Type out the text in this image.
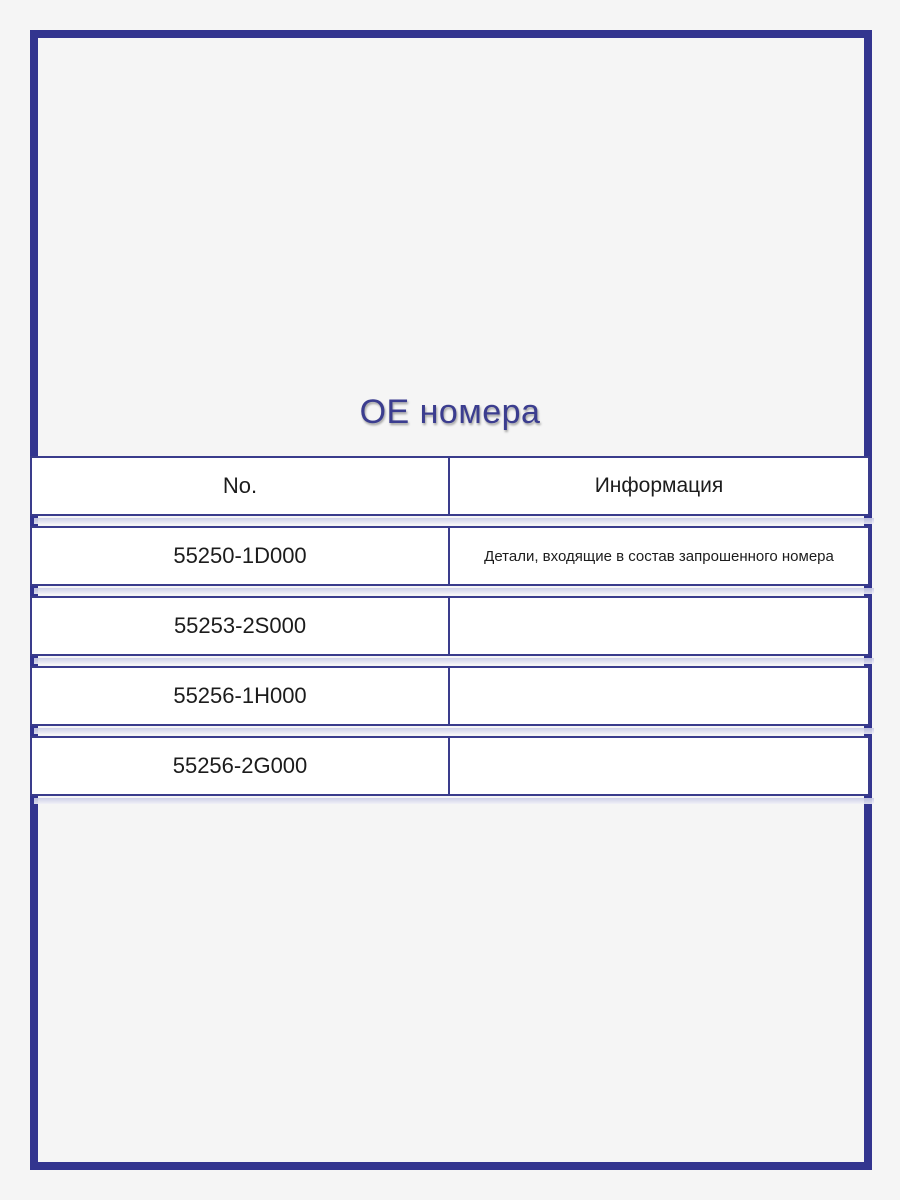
OE номера
No.	Информация
55250-1D000	Детали, входящие в состав запрошенного номера
55253-2S000
55256-1H000
55256-2G000
